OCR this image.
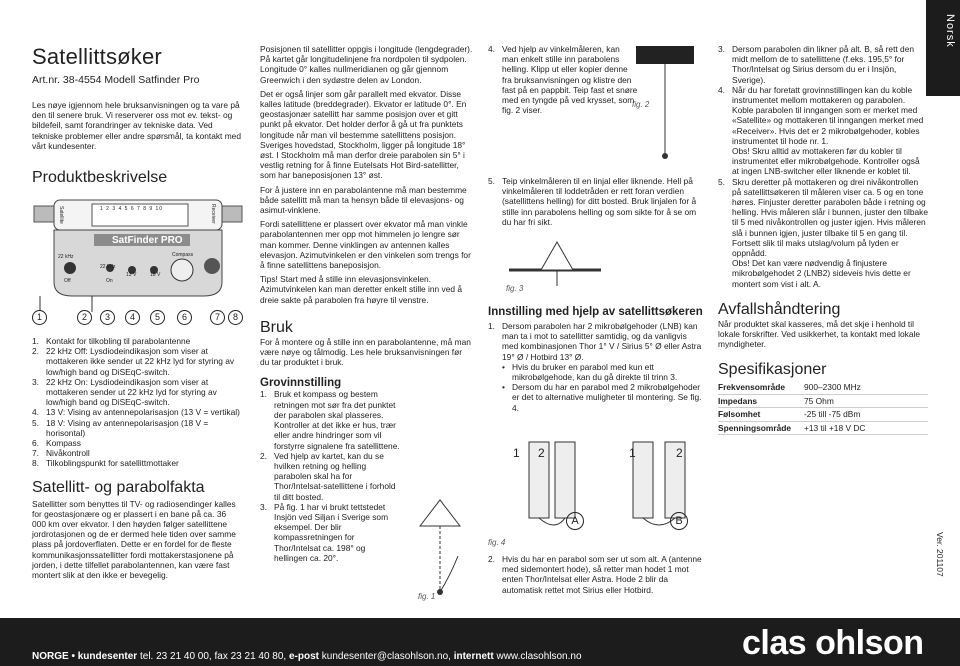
Norsk
Ver. 201107
Satellittsøker
Art.nr. 38-4554 Modell Satfinder Pro

Les nøye igjennom hele bruksanvisningen og ta vare på den til senere bruk. Vi reserverer oss mot ev. tekst- og bildefeil, samt forandringer av tekniske data. Ved tekniske problemer eller andre spørsmål, ta kontakt med vårt kundesenter.

Produktbeskrivelse
1 2 3 4 5 6 7 8 9 10
SatFinder PRO
Satellite	Receiver
22 kHz
22 kHz
Off	On
13 V	18 V
Compass
1	2	3	4	5	6	7	8
1. Kontakt for tilkobling til parabolantenne
2. 22 kHz Off: Lysdiodeindikasjon som viser at mottakeren ikke sender ut 22 kHz lyd for styring av low/high band og DiSEqC-switch.
3. 22 kHz On: Lysdiodeindikasjon som viser at mottakeren sender ut 22 kHz lyd for styring av low/high band og DiSEqC-switch.
4. 13 V: Vising av antennepolarisasjon (13 V = vertikal)
5. 18 V: Vising av antennepolarisasjon (18 V = horisontal)
6. Kompass
7. Nivåkontroll
8. Tilkoblingspunkt for satellittmottaker
Satellitt- og parabolfakta

Satellitter som benyttes til TV- og radiosendinger kalles for geostasjonære og er plassert i en bane på ca. 36 000 km over ekvator. I den høyden følger satellittene jordrotasjonen og de er dermed hele tiden over samme plass på jordoverflaten. Dette er en fordel for de fleste kommunikasjonssatellitter fordi mottakerstasjonene på jorden, i dette tilfellet parabolantennen, kan være fast montert slik at den ikke er bevegelig.

Posisjonen til satellitter oppgis i longitude (lengdegrader). På kartet går longitudelinjene fra nordpolen til sydpolen. Longitude 0° kalles nullmeridianen og går gjennom Greenwich i den sydøstre delen av London.

Det er også linjer som går parallelt med ekvator. Disse kalles latitude (breddegrader). Ekvator er latitude 0°. En geostasjonær satellitt har samme posisjon over et gitt punkt på ekvator. Det holder derfor å gå ut fra punktets longitude når man vil bestemme satellittens posisjon. Sveriges hovedstad, Stockholm, ligger på longitude 18° øst. I Stockholm må man derfor dreie parabolen sin 5° i vestlig retning for å finne Eutelsats Hot Bird-satellitter, som har baneposisjonen 13° øst.

For å justere inn en parabolantenne må man bestemme både satellitt må man ta hensyn både til elevasjons- og asimut-vinklene.

Fordi satellittene er plassert over ekvator må man vinkle parabolantennen mer opp mot himmelen jo lengre sør man kommer. Denne vinklingen av antennen kalles elevasjon. Azimutvinkelen er den vinkelen som trengs for å finne satellittens baneposisjon.

Tips! Start med å stille inn elevasjonsvinkelen. Azimutvinkelen kan man deretter enkelt stille inn ved å dreie sakte på parabolen fra høyre til venstre.

Bruk

For å montere og å stille inn en parabolantenne, må man være nøye og tålmodig. Les hele bruksanvisningen før du tar produktet i bruk.

Grovinnstilling
1. Bruk et kompass og bestem retningen mot sør fra det punktet der parabolen skal plasseres. Kontroller at det ikke er hus, trær eller andre hindringer som vil forstyrre signalene fra satellittene.
2. Ved hjelp av kartet, kan du se hvilken retning og helling parabolen skal ha for Thor/Intelsat-satellittene i forhold til ditt bosted.
3. På fig. 1 har vi brukt tettstedet Insjön ved Siljan i Sverige som eksempel. Der blir kompassretningen for Thor/Intelsat ca. 198° og hellingen ca. 20°.
fig. 1
4. Ved hjelp av vinkelmåleren, kan man enkelt stille inn parabolens helling. Klipp ut eller kopier denne fra bruksanvisningen og klistre den fast på en pappbit. Teip fast et snøre med en tyngde på ved krysset, som fig. 2 viser.
fig. 2
5. Teip vinkelmåleren til en linjal eller liknende. Hell på vinkelmåleren til loddetråden er rett foran verdien (satellittens helling) for ditt bosted. Bruk linjalen for å stille inn parabolens helling og som sikte for å se om du har fri sikt.
fig. 3
Innstilling med hjelp av satellittsøkeren
1. Dersom parabolen har 2 mikrobølgehoder (LNB) kan man ta i mot to satellitter samtidig, og da vanligvis med kombinasjonen Thor 1° V / Sirius 5° Ø eller Astra 19° Ø / Hotbird 13° Ø.
• Hvis du bruker en parabol med kun ett mikrobølgehode, kan du gå direkte til trinn 3.
• Dersom du har en parabol med 2 mikrobølgehoder er det to alternative muligheter til montering. Se fig. 4.
1 2	1	2
A	B
fig. 4
2. Hvis du har en parabol som ser ut som alt. A (antenne med sidemontert hode), så retter man hodet 1 mot enten Thor/Intelsat eller Astra. Hode 2 blir da automatisk rettet mot Sirius eller Hotbird.
3. Dersom parabolen din likner på alt. B, så rett den midt mellom de to satellittene (f.eks. 195,5° for Thor/Intelsat og Sirius dersom du er i Insjön, Sverige).
4. Når du har foretatt grovinnstillingen kan du koble instrumentet mellom mottakeren og parabolen. Koble parabolen til inngangen som er merket med «Satellite» og mottakeren til inngangen merket med «Receiver». Hvis det er 2 mikrobølgehoder, kobles instrumentet til hode nr. 1.

Obs! Skru alltid av mottakeren før du kobler til instrumentet eller mikrobølgehode. Kontroller også at ingen LNB-switcher eller liknende er koblet til.

5. Skru deretter på mottakeren og drei nivåkontrollen på satellittsøkeren til måleren viser ca. 5 og en tone høres. Finjuster deretter parabolen både i retning og helling. Hvis måleren slår i bunnen, juster den tilbake til 5 med nivåkontrollen og juster igjen. Hvis måleren slå i bunnen igjen, juster tilbake til 5 en gang til. Fortsett slik til maks utslag/volum på lyden er oppnådd.

Obs! Det kan være nødvendig å finjustere mikrobølgehodet 2 (LNB2) sideveis hvis dette er montert som vist i alt. A.

Avfallshåndtering

Når produktet skal kasseres, må det skje i henhold til lokale forskrifter. Ved usikkerhet, ta kontakt med lokale myndigheter.

Spesifikasjoner
Frekvensområde	900–2300 MHz
Impedans	75 Ohm
Følsomhet	-25 till -75 dBm
Spenningsområde	+13 til +18 V DC
NORGE • kundesenter tel. 23 21 40 00, fax 23 21 40 80, e-post kundesenter@clasohlson.no, internett www.clasohlson.no	clas ohlson
